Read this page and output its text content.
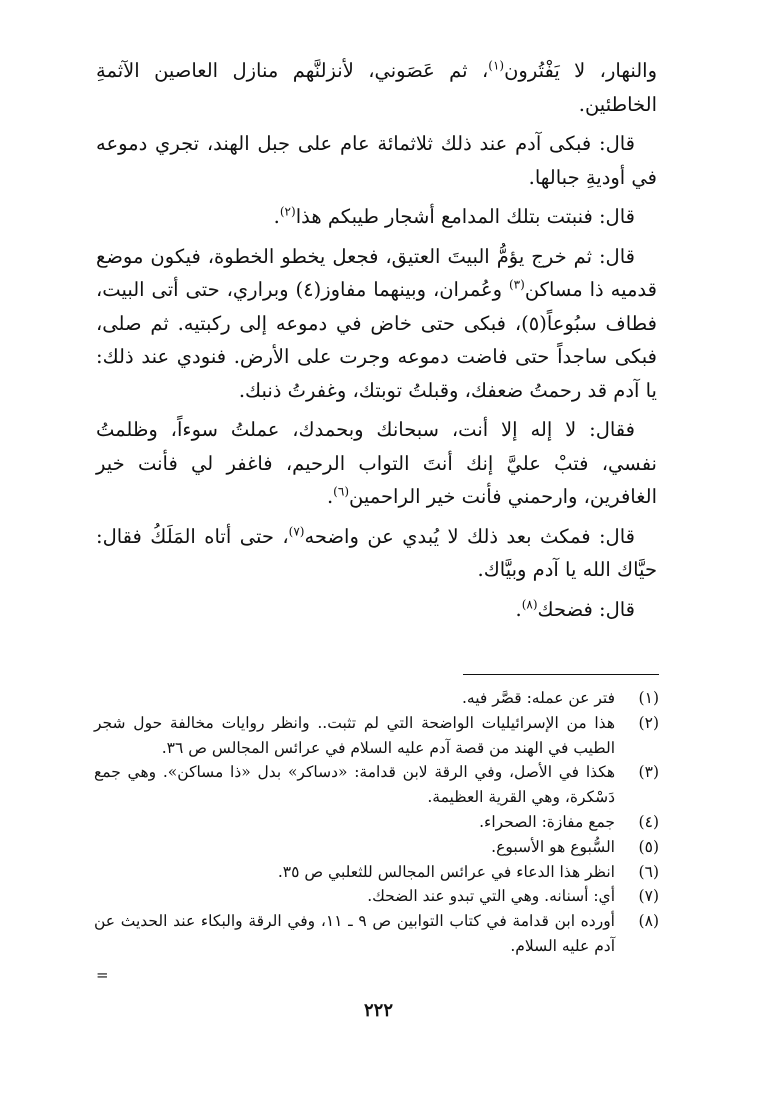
والنهار، لا يَفْتُرون$^{(١)}$، ثم عَصَوني، لأنزلنَّهم منازل العاصين الآثمةِ الخاطئين.

قال: فبكى آدم عند ذلك ثلاثمائة عام على جبل الهند، تجري دموعه في أوديةِ جبالها.

قال: فنبتت بتلك المدامع أشجار طيبكم هذا$^{(٢)}$.

قال: ثم خرج يؤمُّ البيتَ العتيق، فجعل يخطو الخطوة، فيكون موضع قدميه ذا مساكن$^{(٣)}$ وعُمران، وبينهما مفاوز(٤) وبراري، حتى أتى البيت، فطاف سبُوعاً(٥)، فبكى حتى خاض في دموعه إلى ركبتيه. ثم صلى، فبكى ساجداً حتى فاضت دموعه وجرت على الأرض. فنودي عند ذلك: يا آدم قد رحمتُ ضعفك، وقبلتُ توبتك، وغفرتُ ذنبك.

فقال: لا إله إلا أنت، سبحانك وبحمدك، عملتُ سوءاً، وظلمتُ نفسي، فتبْ عليَّ إنك أنتَ التواب الرحيم، فاغفر لي فأنت خير الغافرين، وارحمني فأنت خير الراحمين$^{(٦)}$.

قال: فمكث بعد ذلك لا يُبدي عن واضحه$^{(٧)}$، حتى أتاه المَلَكُ فقال: حيَّاك الله يا آدم وبيَّاك.

قال: فضحك$^{(٨)}$.

(١)
فتر عن عمله: قصَّر فيه.
(٢)
هذا من الإسرائيليات الواضحة التي لم تثبت.. وانظر روايات مخالفة حول شجر الطيب في الهند من قصة آدم عليه السلام في عرائس المجالس ص ٣٦.
(٣)
هكذا في الأصل، وفي الرقة لابن قدامة: «دساكر» بدل «ذا مساكن». وهي جمع دَسْكرة، وهي القرية العظيمة.
(٤)
جمع مفازة: الصحراء.
(٥)
السُّبوع هو الأسبوع.
(٦)
انظر هذا الدعاء في عرائس المجالس للثعلبي ص ٣٥.
(٧)
أي: أسنانه. وهي التي تبدو عند الضحك.
(٨)
أورده ابن قدامة في كتاب التوابين ص ٩ ـ ١١، وفي الرقة والبكاء عند الحديث عن آدم عليه السلام.
=
٢٢٢
